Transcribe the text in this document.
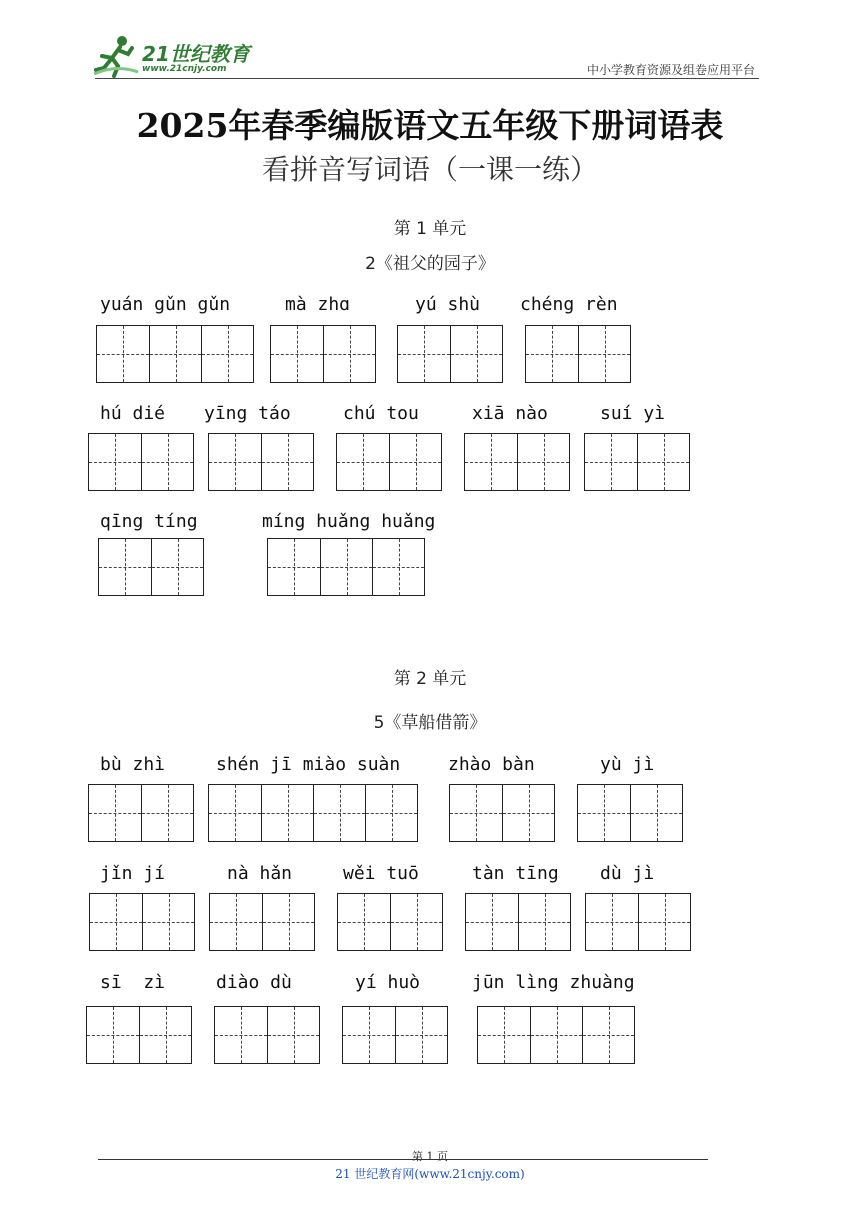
21世纪教育
www.21cnjy.com	中小学教育资源及组卷应用平台
2025年春季编版语文五年级下册词语表
看拼音写词语（一课一练）
第 1 单元
2《祖父的园子》
yuán gǔn gǔn	mà zhɑ	yú shù chéng rèn
hú dié yīng táo	chú tou	xiā nào	suí yì
qīng tíng	míng huǎng huǎng
第 2 单元
5《草船借箭》
bù zhì	shén jī miào suàn	zhào bàn	yù jì
jǐn jí	nà hǎn	wěi tuō	tàn tīng dù jì
sī  zì	diào dù	yí huò	jūn lìng zhuàng
第 1 页
21 世纪教育网(www.21cnjy.com)
